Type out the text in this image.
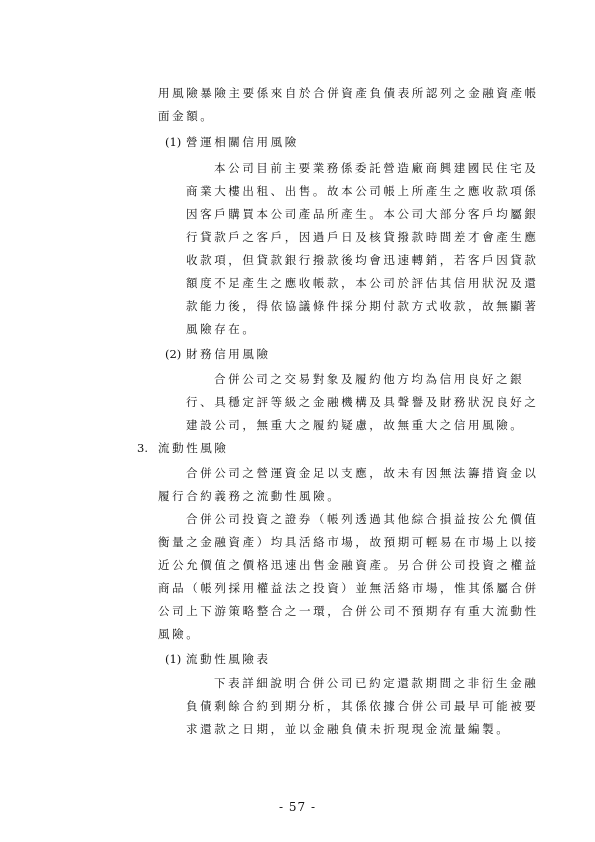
用風險暴險主要係來自於合併資產負債表所認列之金融資產帳
面金額。
(1) 營運相關信用風險
本公司目前主要業務係委託營造廠商興建國民住宅及
商業大樓出租、出售。故本公司帳上所產生之應收款項係
因客戶購買本公司產品所產生。本公司大部分客戶均屬銀
行貸款戶之客戶，因過戶日及核貸撥款時間差才會產生應
收款項，但貸款銀行撥款後均會迅速轉銷，若客戶因貸款
額度不足產生之應收帳款，本公司於評估其信用狀況及還
款能力後，得依協議條件採分期付款方式收款，故無顯著
風險存在。
(2) 財務信用風險
合併公司之交易對象及履約他方均為信用良好之銀
行、具穩定評等級之金融機構及具聲譽及財務狀況良好之
建設公司，無重大之履約疑慮，故無重大之信用風險。
3. 流動性風險
合併公司之營運資金足以支應，故未有因無法籌措資金以
履行合約義務之流動性風險。
合併公司投資之證券（帳列透過其他綜合損益按公允價值
衡量之金融資產）均具活絡市場，故預期可輕易在市場上以接
近公允價值之價格迅速出售金融資產。另合併公司投資之權益
商品（帳列採用權益法之投資）並無活絡市場，惟其係屬合併
公司上下游策略整合之一環，合併公司不預期存有重大流動性
風險。
(1) 流動性風險表
下表詳細說明合併公司已約定還款期間之非衍生金融
負債剩餘合約到期分析，其係依據合併公司最早可能被要
求還款之日期，並以金融負債未折現現金流量編製。
- 57 -
